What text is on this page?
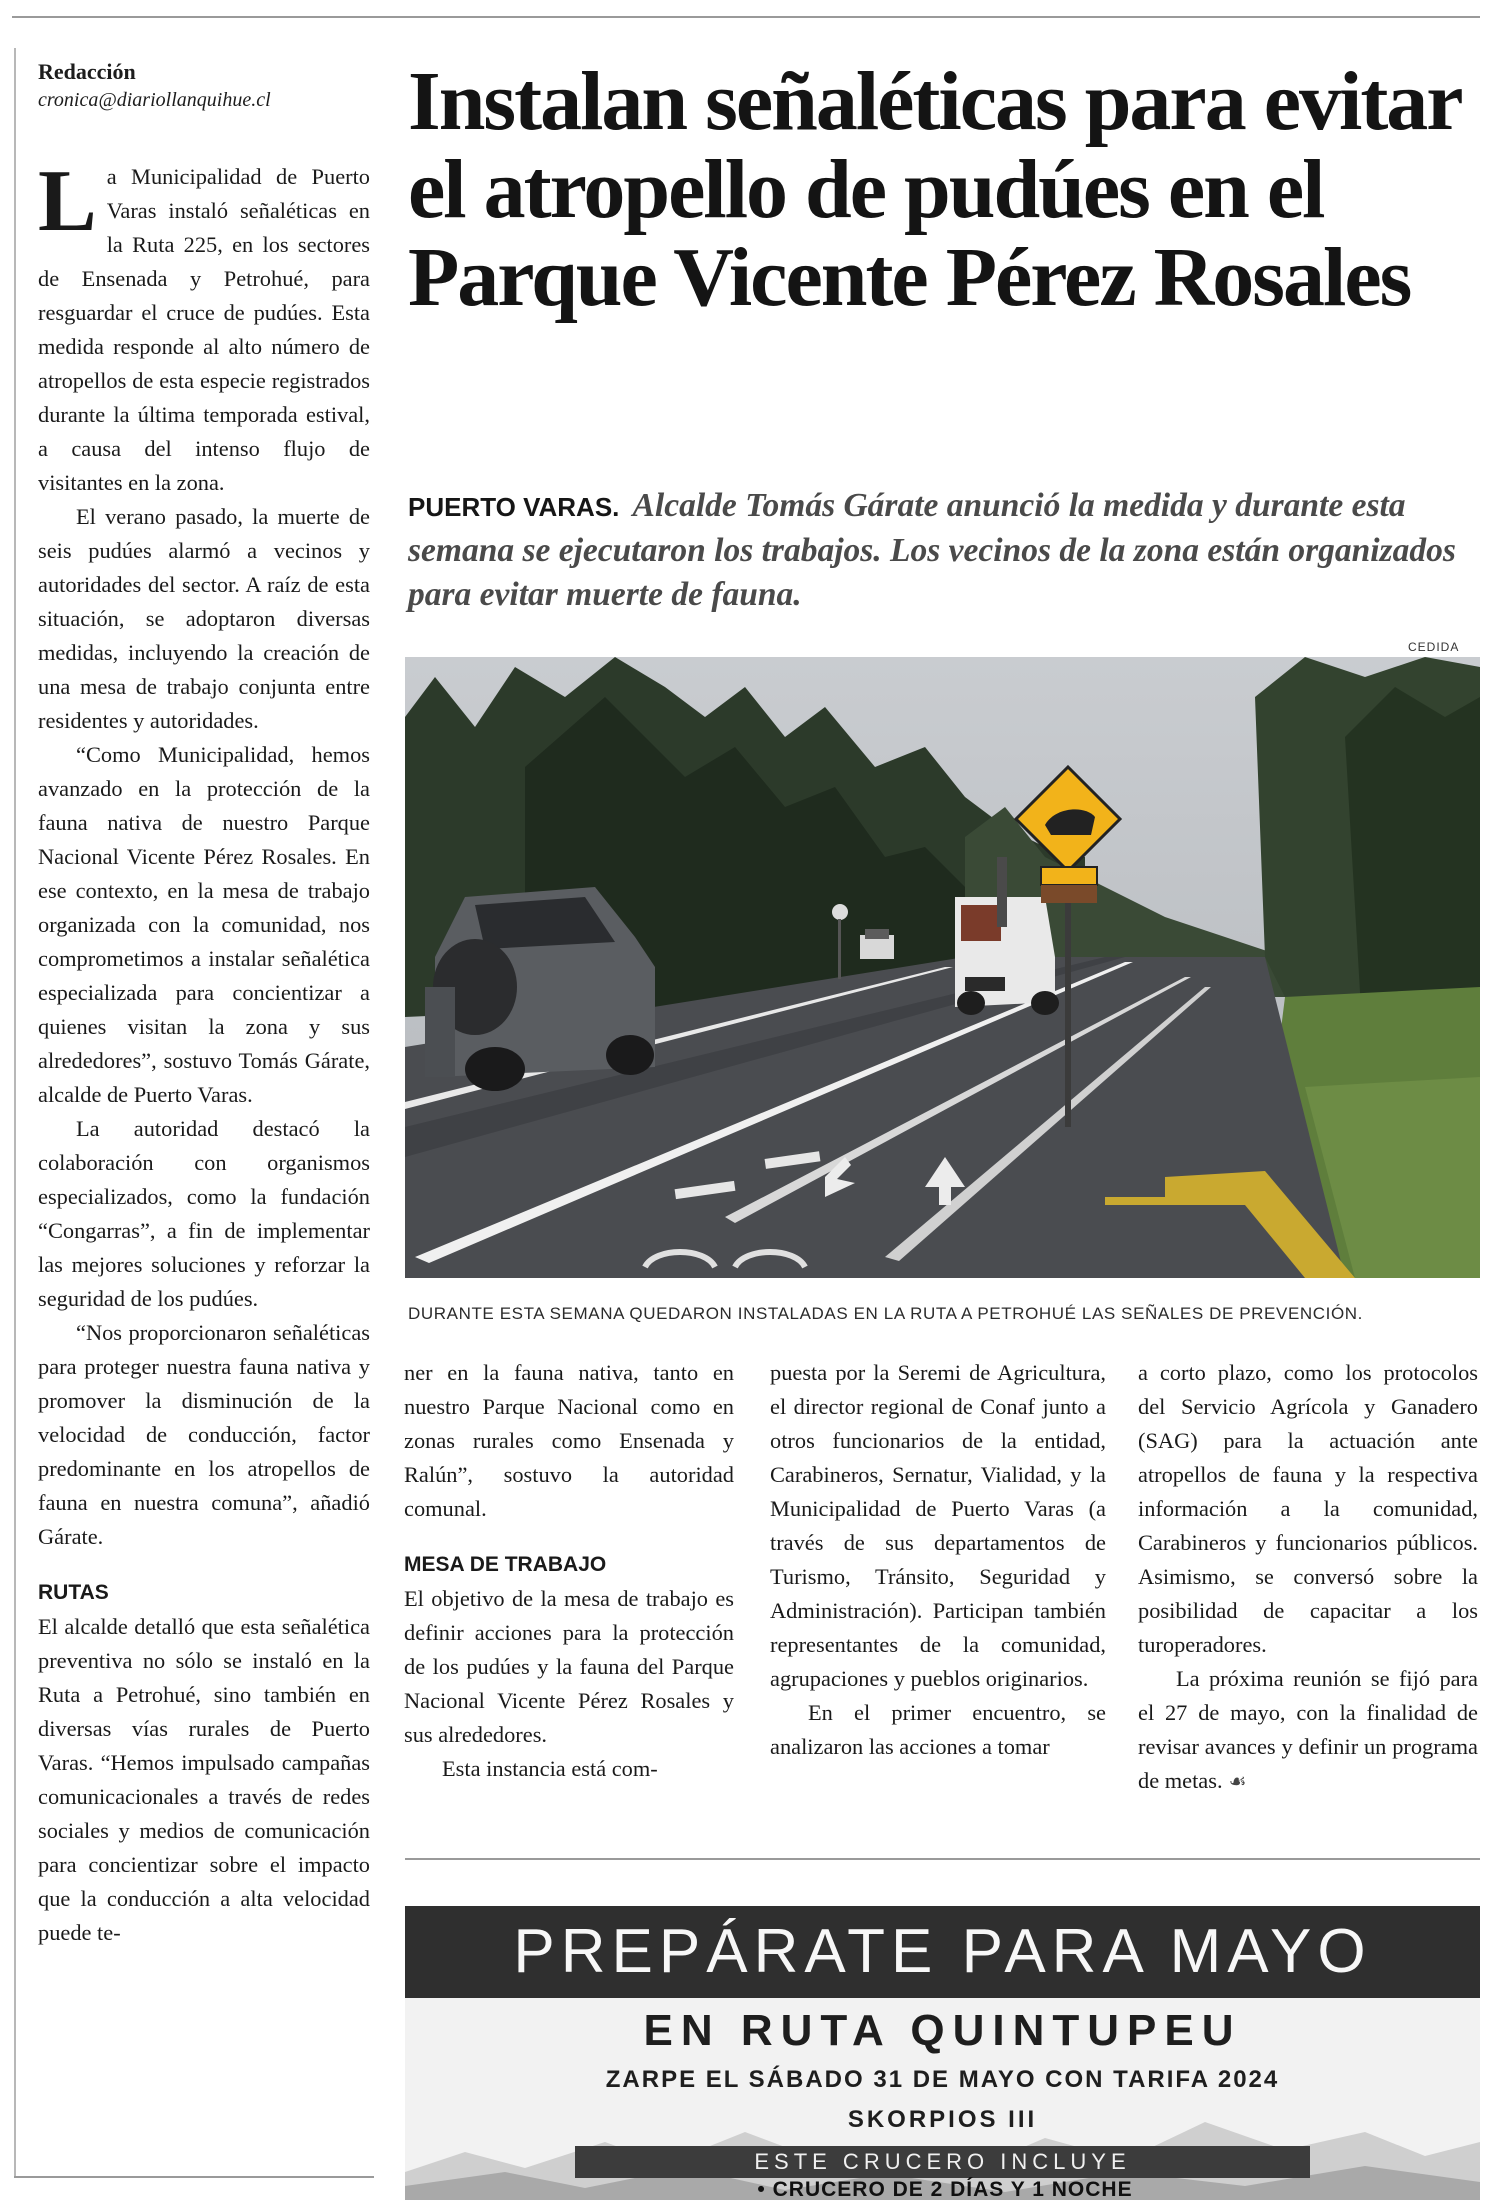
Redacción
cronica@diariollanquihue.cl	Instalan señaléticas para evitar el atropello de pudúes en el Parque Vicente Pérez Rosales
PUERTO VARAS. Alcalde Tomás Gárate anunció la medida y durante esta semana se ejecutaron los trabajos. Los vecinos de la zona están organizados para evitar muerte de fauna.
CEDIDA
DURANTE ESTA SEMANA QUEDARON INSTALADAS EN LA RUTA A PETROHUÉ LAS SEÑALES DE PREVENCIÓN.

La Municipalidad de Puerto Varas instaló señaléticas en la Ruta 225, en los sectores de Ensenada y Petrohué, para resguardar el cruce de pudúes. Esta medida responde al alto número de atropellos de esta especie registrados durante la última temporada estival, a causa del intenso flujo de visitantes en la zona.

El verano pasado, la muerte de seis pudúes alarmó a vecinos y autoridades del sector. A raíz de esta situación, se adoptaron diversas medidas, incluyendo la creación de una mesa de trabajo conjunta entre residentes y autoridades.

“Como Municipalidad, hemos avanzado en la protección de la fauna nativa de nuestro Parque Nacional Vicente Pérez Rosales. En ese contexto, en la mesa de trabajo organizada con la comunidad, nos comprometimos a instalar señalética especializada para concientizar a quienes visitan la zona y sus alrededores”, sostuvo Tomás Gárate, alcalde de Puerto Varas.

La autoridad destacó la colaboración con organismos especializados, como la fundación “Congarras”, a fin de implementar las mejores soluciones y reforzar la seguridad de los pudúes.

“Nos proporcionaron señaléticas para proteger nuestra fauna nativa y promover la disminución de la velocidad de conducción, factor predominante en los atropellos de fauna en nuestra comuna”, añadió Gárate.

RUTAS

El alcalde detalló que esta señalética preventiva no sólo se instaló en la Ruta a Petrohué, sino también en diversas vías rurales de Puerto Varas. “Hemos impulsado campañas comunicacionales a través de redes sociales y medios de comunicación para concientizar sobre el impacto que la conducción a alta velocidad puede te-

ner en la fauna nativa, tanto en nuestro Parque Nacional como en zonas rurales como Ensenada y Ralún”, sostuvo la autoridad comunal.

MESA DE TRABAJO

El objetivo de la mesa de trabajo es definir acciones para la protección de los pudúes y la fauna del Parque Nacional Vicente Pérez Rosales y sus alrededores.

Esta instancia está com-

puesta por la Seremi de Agricultura, el director regional de Conaf junto a otros funcionarios de la entidad, Carabineros, Sernatur, Vialidad, y la Municipalidad de Puerto Varas (a través de sus departamentos de Turismo, Tránsito, Seguridad y Administración). Participan también representantes de la comunidad, agrupaciones y pueblos originarios.

En el primer encuentro, se analizaron las acciones a tomar

a corto plazo, como los protocolos del Servicio Agrícola y Ganadero (SAG) para la actuación ante atropellos de fauna y la respectiva información a la comunidad, Carabineros y funcionarios públicos. Asimismo, se conversó sobre la posibilidad de capacitar a los turoperadores.

La próxima reunión se fijó para el 27 de mayo, con la finalidad de revisar avances y definir un programa de metas. ☙

PREPÁRATE PARA MAYO
EN RUTA QUINTUPEU
ZARPE EL SÁBADO 31 DE MAYO CON TARIFA 2024
SKORPIOS III
ESTE CRUCERO INCLUYE
• CRUCERO DE 2 DÍAS Y 1 NOCHE
